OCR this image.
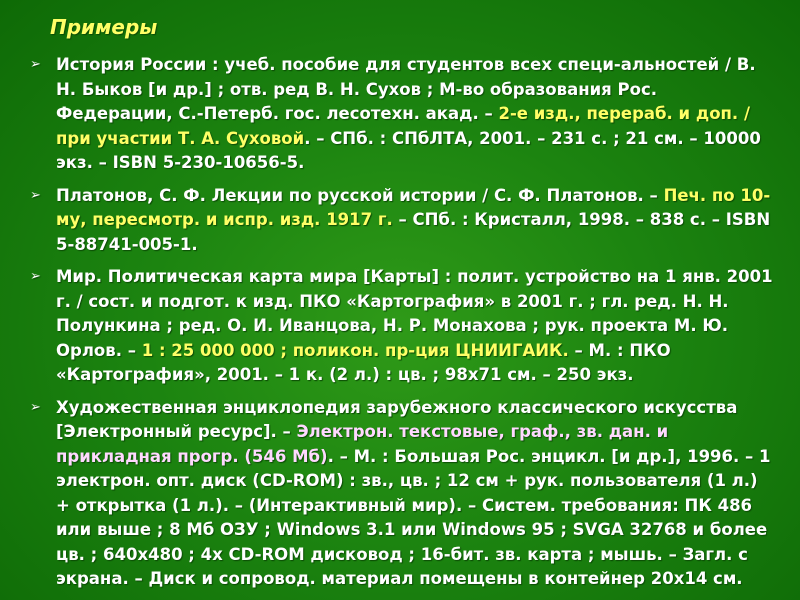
Примеры
➢ История России : учеб. пособие для студентов всех специ-альностей / В. Н. Быков [и др.] ; отв. ред В. Н. Сухов ; М-во образования Рос. Федерации, С.-Петерб. гос. лесотехн. акад. – 2-е изд., перераб. и доп. / при участии Т. А. Суховой. – СПб. : СПбЛТА, 2001. – 231 с. ; 21 см. – 10000 экз. – ISBN 5-230-10656-5.
➢ Платонов, С. Ф. Лекции по русской истории / С. Ф. Платонов. – Печ. по 10-му, пересмотр. и испр. изд. 1917 г. – СПб. : Кристалл, 1998. – 838 с. – ISBN 5-88741-005-1.
➢ Мир. Политическая карта мира [Карты] : полит. устройство на 1 янв. 2001 г. / сост. и подгот. к изд. ПКО «Картография» в 2001 г. ; гл. ред. Н. Н. Полункина ; ред. О. И. Иванцова, Н. Р. Монахова ; рук. проекта М. Ю. Орлов. – 1 : 25 000 000 ; поликон. пр-ция ЦНИИГАИК. – М. : ПКО «Картография», 2001. – 1 к. (2 л.) : цв. ; 98x71 см. – 250 экз.
➢ Художественная энциклопедия зарубежного классического искусства [Электронный ресурс]. – Электрон. текстовые, граф., зв. дан. и прикладная прогр. (546 Мб). – М. : Большая Рос. энцикл. [и др.], 1996. – 1 электрон. опт. диск (CD-ROM) : зв., цв. ; 12 см + рук. пользователя (1 л.) + открытка (1 л.). – (Интерактивный мир). – Систем. требования: ПК 486 или выше ; 8 Мб ОЗУ ; Windows 3.1 или Windows 95 ; SVGA 32768 и более цв. ; 640x480 ; 4x CD-ROM дисковод ; 16-бит. зв. карта ; мышь. – Загл. с экрана. – Диск и сопровод. материал помещены в контейнер 20x14 см.
